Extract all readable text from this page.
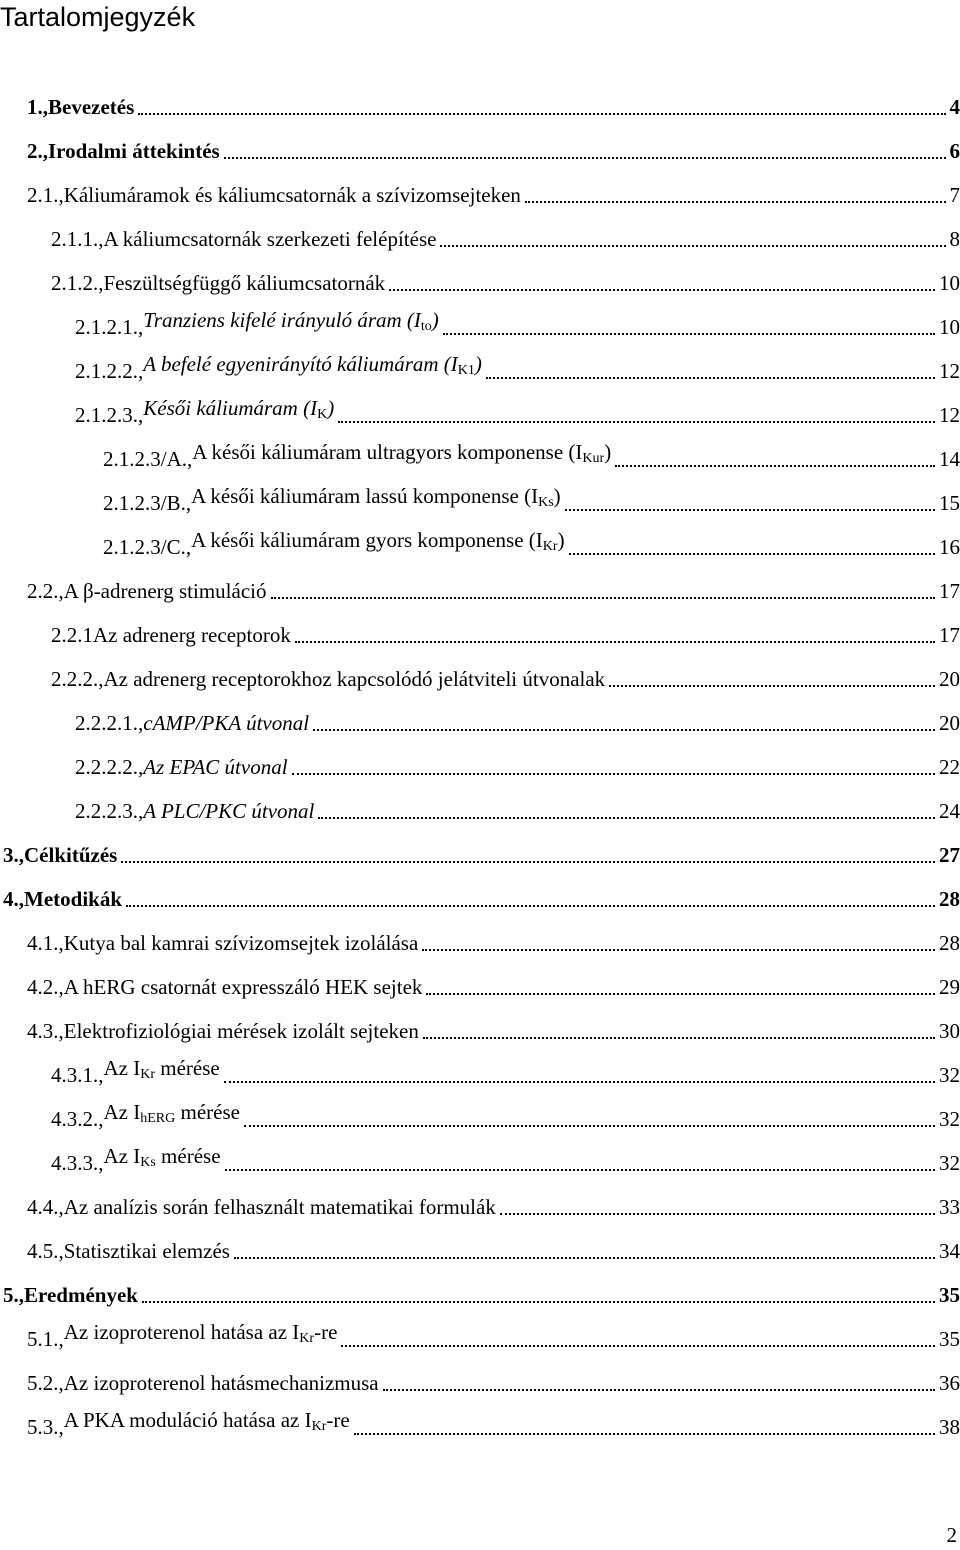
Tartalomjegyzék
1., Bevezetés	4
2., Irodalmi áttekintés	6
2.1., Káliumáramok és káliumcsatornák a szívizomsejteken	7
2.1.1., A káliumcsatornák szerkezeti felépítése	8
2.1.2., Feszültségfüggő káliumcsatornák	10
2.1.2.1., Tranziens kifelé irányuló áram $(I_{to})$	10
2.1.2.2., A befelé egyenirányító káliumáram $(I_{K1})$	12
2.1.2.3., Késői káliumáram $(I_K)$	12
2.1.2.3/A., A késői káliumáram ultragyors komponense $(I_{Kur})$	14
2.1.2.3/B., A késői káliumáram lassú komponense $(I_{Ks})$	15
2.1.2.3/C., A késői káliumáram gyors komponense $(I_{Kr})$	16
2.2., A β-adrenerg stimuláció	17
2.2.1 Az adrenerg receptorok	17
2.2.2., Az adrenerg receptorokhoz kapcsolódó jelátviteli útvonalak	20
2.2.2.1., cAMP/PKA útvonal	20
2.2.2.2., Az EPAC útvonal	22
2.2.2.3., A PLC/PKC útvonal	24
3., Célkitűzés	27
4., Metodikák	28
4.1., Kutya bal kamrai szívizomsejtek izolálása	28
4.2., A hERG csatornát expresszáló HEK sejtek	29
4.3., Elektrofiziológiai mérések izolált sejteken	30
4.3.1., Az $I_{Kr}$ mérése	32
4.3.2., Az $I_{hERG}$ mérése	32
4.3.3., Az $I_{Ks}$ mérése	32
4.4., Az analízis során felhasznált matematikai formulák	33
4.5., Statisztikai elemzés	34
5., Eredmények	35
5.1., Az izoproterenol hatása az $I_{Kr}-re$	35
5.2., Az izoproterenol hatásmechanizmusa	36
5.3., A PKA moduláció hatása az $I_{Kr}-re$	38
2
